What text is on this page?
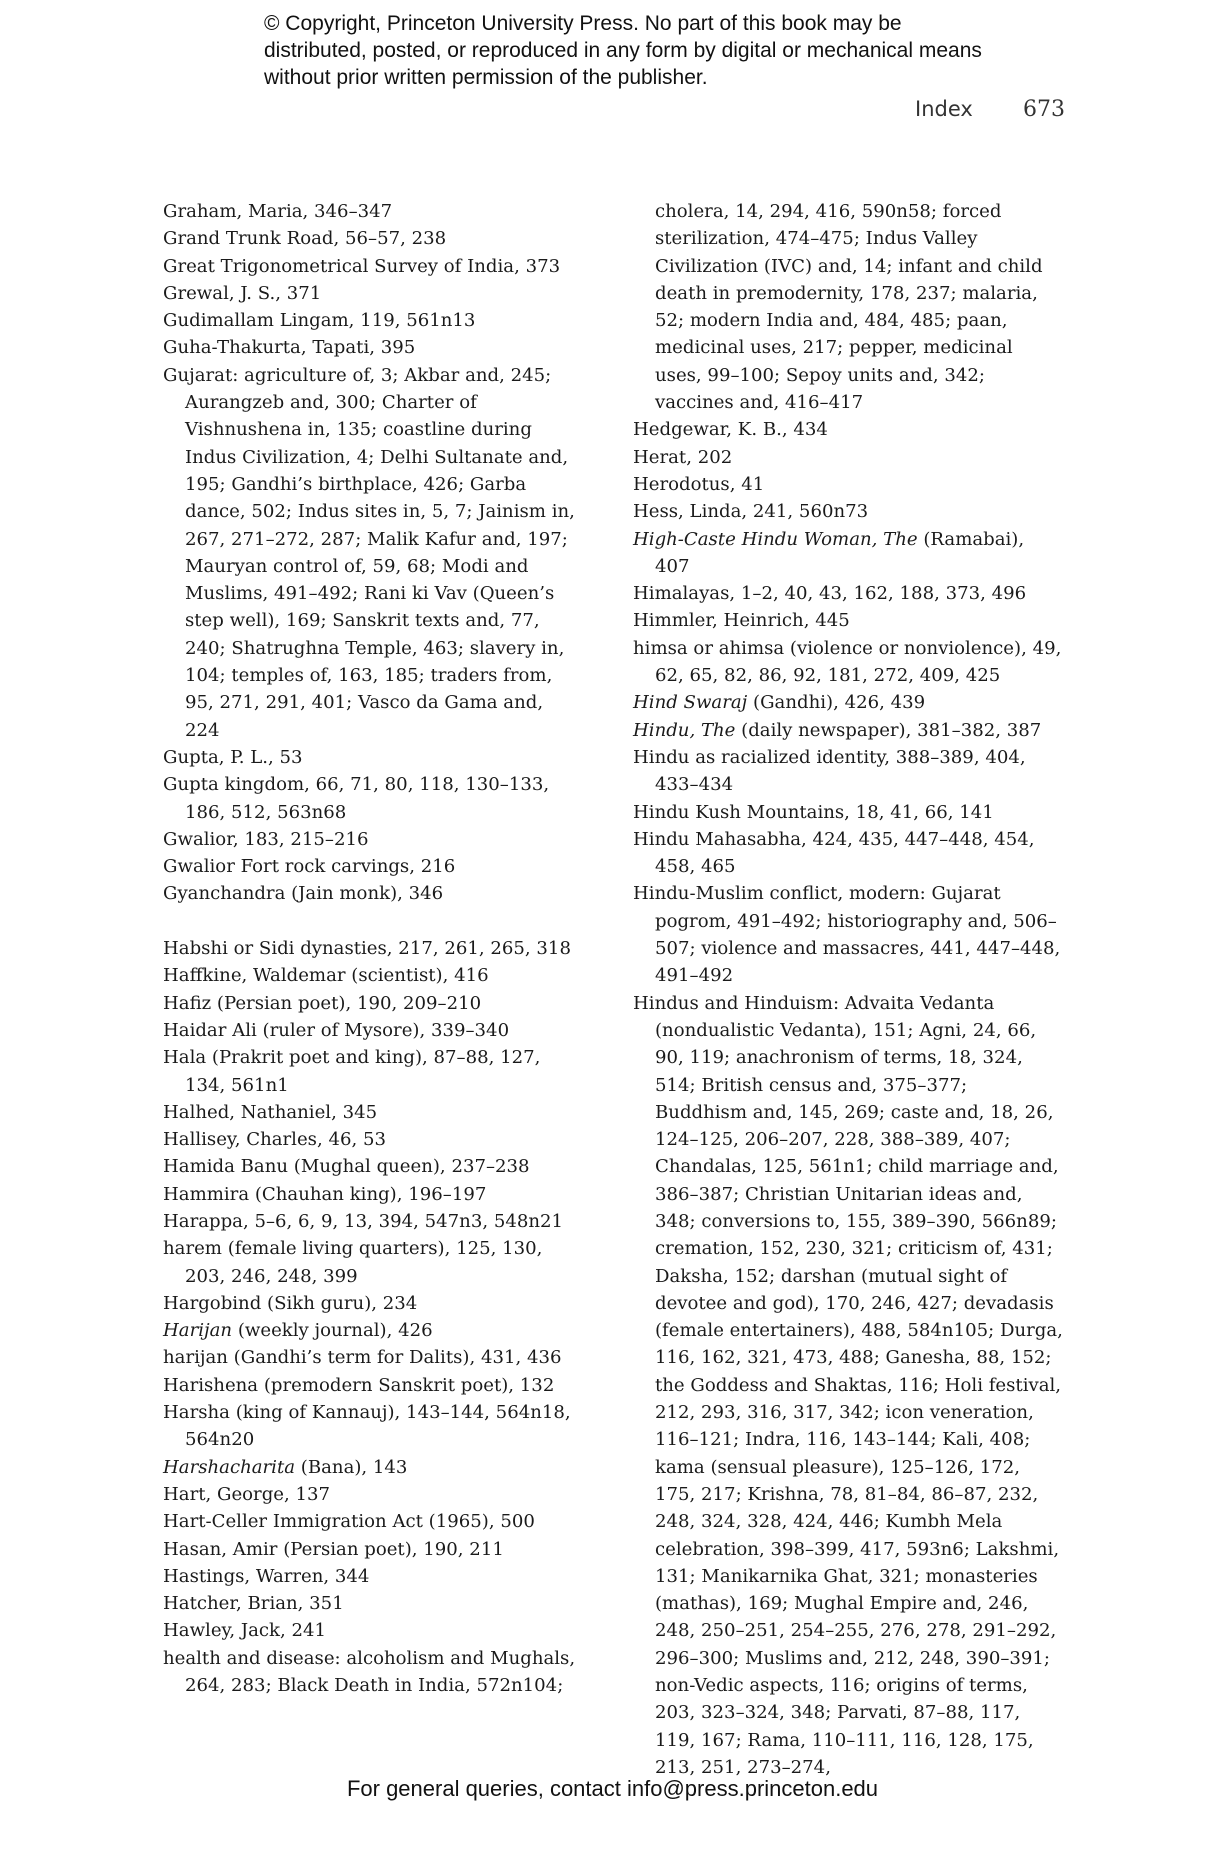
© Copyright, Princeton University Press. No part of this book may be distributed, posted, or reproduced in any form by digital or mechanical means without prior written permission of the publisher.
Index 673

Graham, Maria, 346–347

Grand Trunk Road, 56–57, 238

Great Trigonometrical Survey of India, 373

Grewal, J. S., 371

Gudimallam Lingam, 119, 561n13

Guha-Thakurta, Tapati, 395

Gujarat: agriculture of, 3; Akbar and, 245; Aurangzeb and, 300; Charter of Vishnushena in, 135; coastline during Indus Civilization, 4; Delhi Sultanate and, 195; Gandhi’s birthplace, 426; Garba dance, 502; Indus sites in, 5, 7; Jainism in, 267, 271–272, 287; Malik Kafur and, 197; Mauryan control of, 59, 68; Modi and Muslims, 491–492; Rani ki Vav (Queen’s step well), 169; Sanskrit texts and, 77, 240; Shatrughna Temple, 463; slavery in, 104; temples of, 163, 185; traders from, 95, 271, 291, 401; Vasco da Gama and, 224

Gupta, P. L., 53

Gupta kingdom, 66, 71, 80, 118, 130–133, 186, 512, 563n68

Gwalior, 183, 215–216

Gwalior Fort rock carvings, 216

Gyanchandra (Jain monk), 346

Habshi or Sidi dynasties, 217, 261, 265, 318

Haffkine, Waldemar (scientist), 416

Hafiz (Persian poet), 190, 209–210

Haidar Ali (ruler of Mysore), 339–340

Hala (Prakrit poet and king), 87–88, 127, 134, 561n1

Halhed, Nathaniel, 345

Hallisey, Charles, 46, 53

Hamida Banu (Mughal queen), 237–238

Hammira (Chauhan king), 196–197

Harappa, 5–6, 6, 9, 13, 394, 547n3, 548n21

harem (female living quarters), 125, 130, 203, 246, 248, 399

Hargobind (Sikh guru), 234

Harijan (weekly journal), 426

harijan (Gandhi’s term for Dalits), 431, 436

Harishena (premodern Sanskrit poet), 132

Harsha (king of Kannauj), 143–144, 564n18, 564n20

Harshacharita (Bana), 143

Hart, George, 137

Hart-Celler Immigration Act (1965), 500

Hasan, Amir (Persian poet), 190, 211

Hastings, Warren, 344

Hatcher, Brian, 351

Hawley, Jack, 241

health and disease: alcoholism and Mughals, 264, 283; Black Death in India, 572n104;

cholera, 14, 294, 416, 590n58; forced sterilization, 474–475; Indus Valley Civilization (IVC) and, 14; infant and child death in premodernity, 178, 237; malaria, 52; modern India and, 484, 485; paan, medicinal uses, 217; pepper, medicinal uses, 99–100; Sepoy units and, 342; vaccines and, 416–417

Hedgewar, K. B., 434

Herat, 202

Herodotus, 41

Hess, Linda, 241, 560n73

High-Caste Hindu Woman, The (Ramabai), 407

Himalayas, 1–2, 40, 43, 162, 188, 373, 496

Himmler, Heinrich, 445

himsa or ahimsa (violence or nonviolence), 49, 62, 65, 82, 86, 92, 181, 272, 409, 425

Hind Swaraj (Gandhi), 426, 439

Hindu, The (daily newspaper), 381–382, 387

Hindu as racialized identity, 388–389, 404, 433–434

Hindu Kush Mountains, 18, 41, 66, 141

Hindu Mahasabha, 424, 435, 447–448, 454, 458, 465

Hindu-Muslim conflict, modern: Gujarat pogrom, 491–492; historiography and, 506–507; violence and massacres, 441, 447–448, 491–492

Hindus and Hinduism: Advaita Vedanta (nondualistic Vedanta), 151; Agni, 24, 66, 90, 119; anachronism of terms, 18, 324, 514; British census and, 375–377; Buddhism and, 145, 269; caste and, 18, 26, 124–125, 206–207, 228, 388–389, 407; Chandalas, 125, 561n1; child marriage and, 386–387; Christian Unitarian ideas and, 348; conversions to, 155, 389–390, 566n89; cremation, 152, 230, 321; criticism of, 431; Daksha, 152; darshan (mutual sight of devotee and god), 170, 246, 427; devadasis (female entertainers), 488, 584n105; Durga, 116, 162, 321, 473, 488; Ganesha, 88, 152; the Goddess and Shaktas, 116; Holi festival, 212, 293, 316, 317, 342; icon veneration, 116–121; Indra, 116, 143–144; Kali, 408; kama (sensual pleasure), 125–126, 172, 175, 217; Krishna, 78, 81–84, 86–87, 232, 248, 324, 328, 424, 446; Kumbh Mela celebration, 398–399, 417, 593n6; Lakshmi, 131; Manikarnika Ghat, 321; monasteries (mathas), 169; Mughal Empire and, 246, 248, 250–251, 254–255, 276, 278, 291–292, 296–300; Muslims and, 212, 248, 390–391; non-Vedic aspects, 116; origins of terms, 203, 323–324, 348; Parvati, 87–88, 117, 119, 167; Rama, 110–111, 116, 128, 175, 213, 251, 273–274,

For general queries, contact info@press.princeton.edu
